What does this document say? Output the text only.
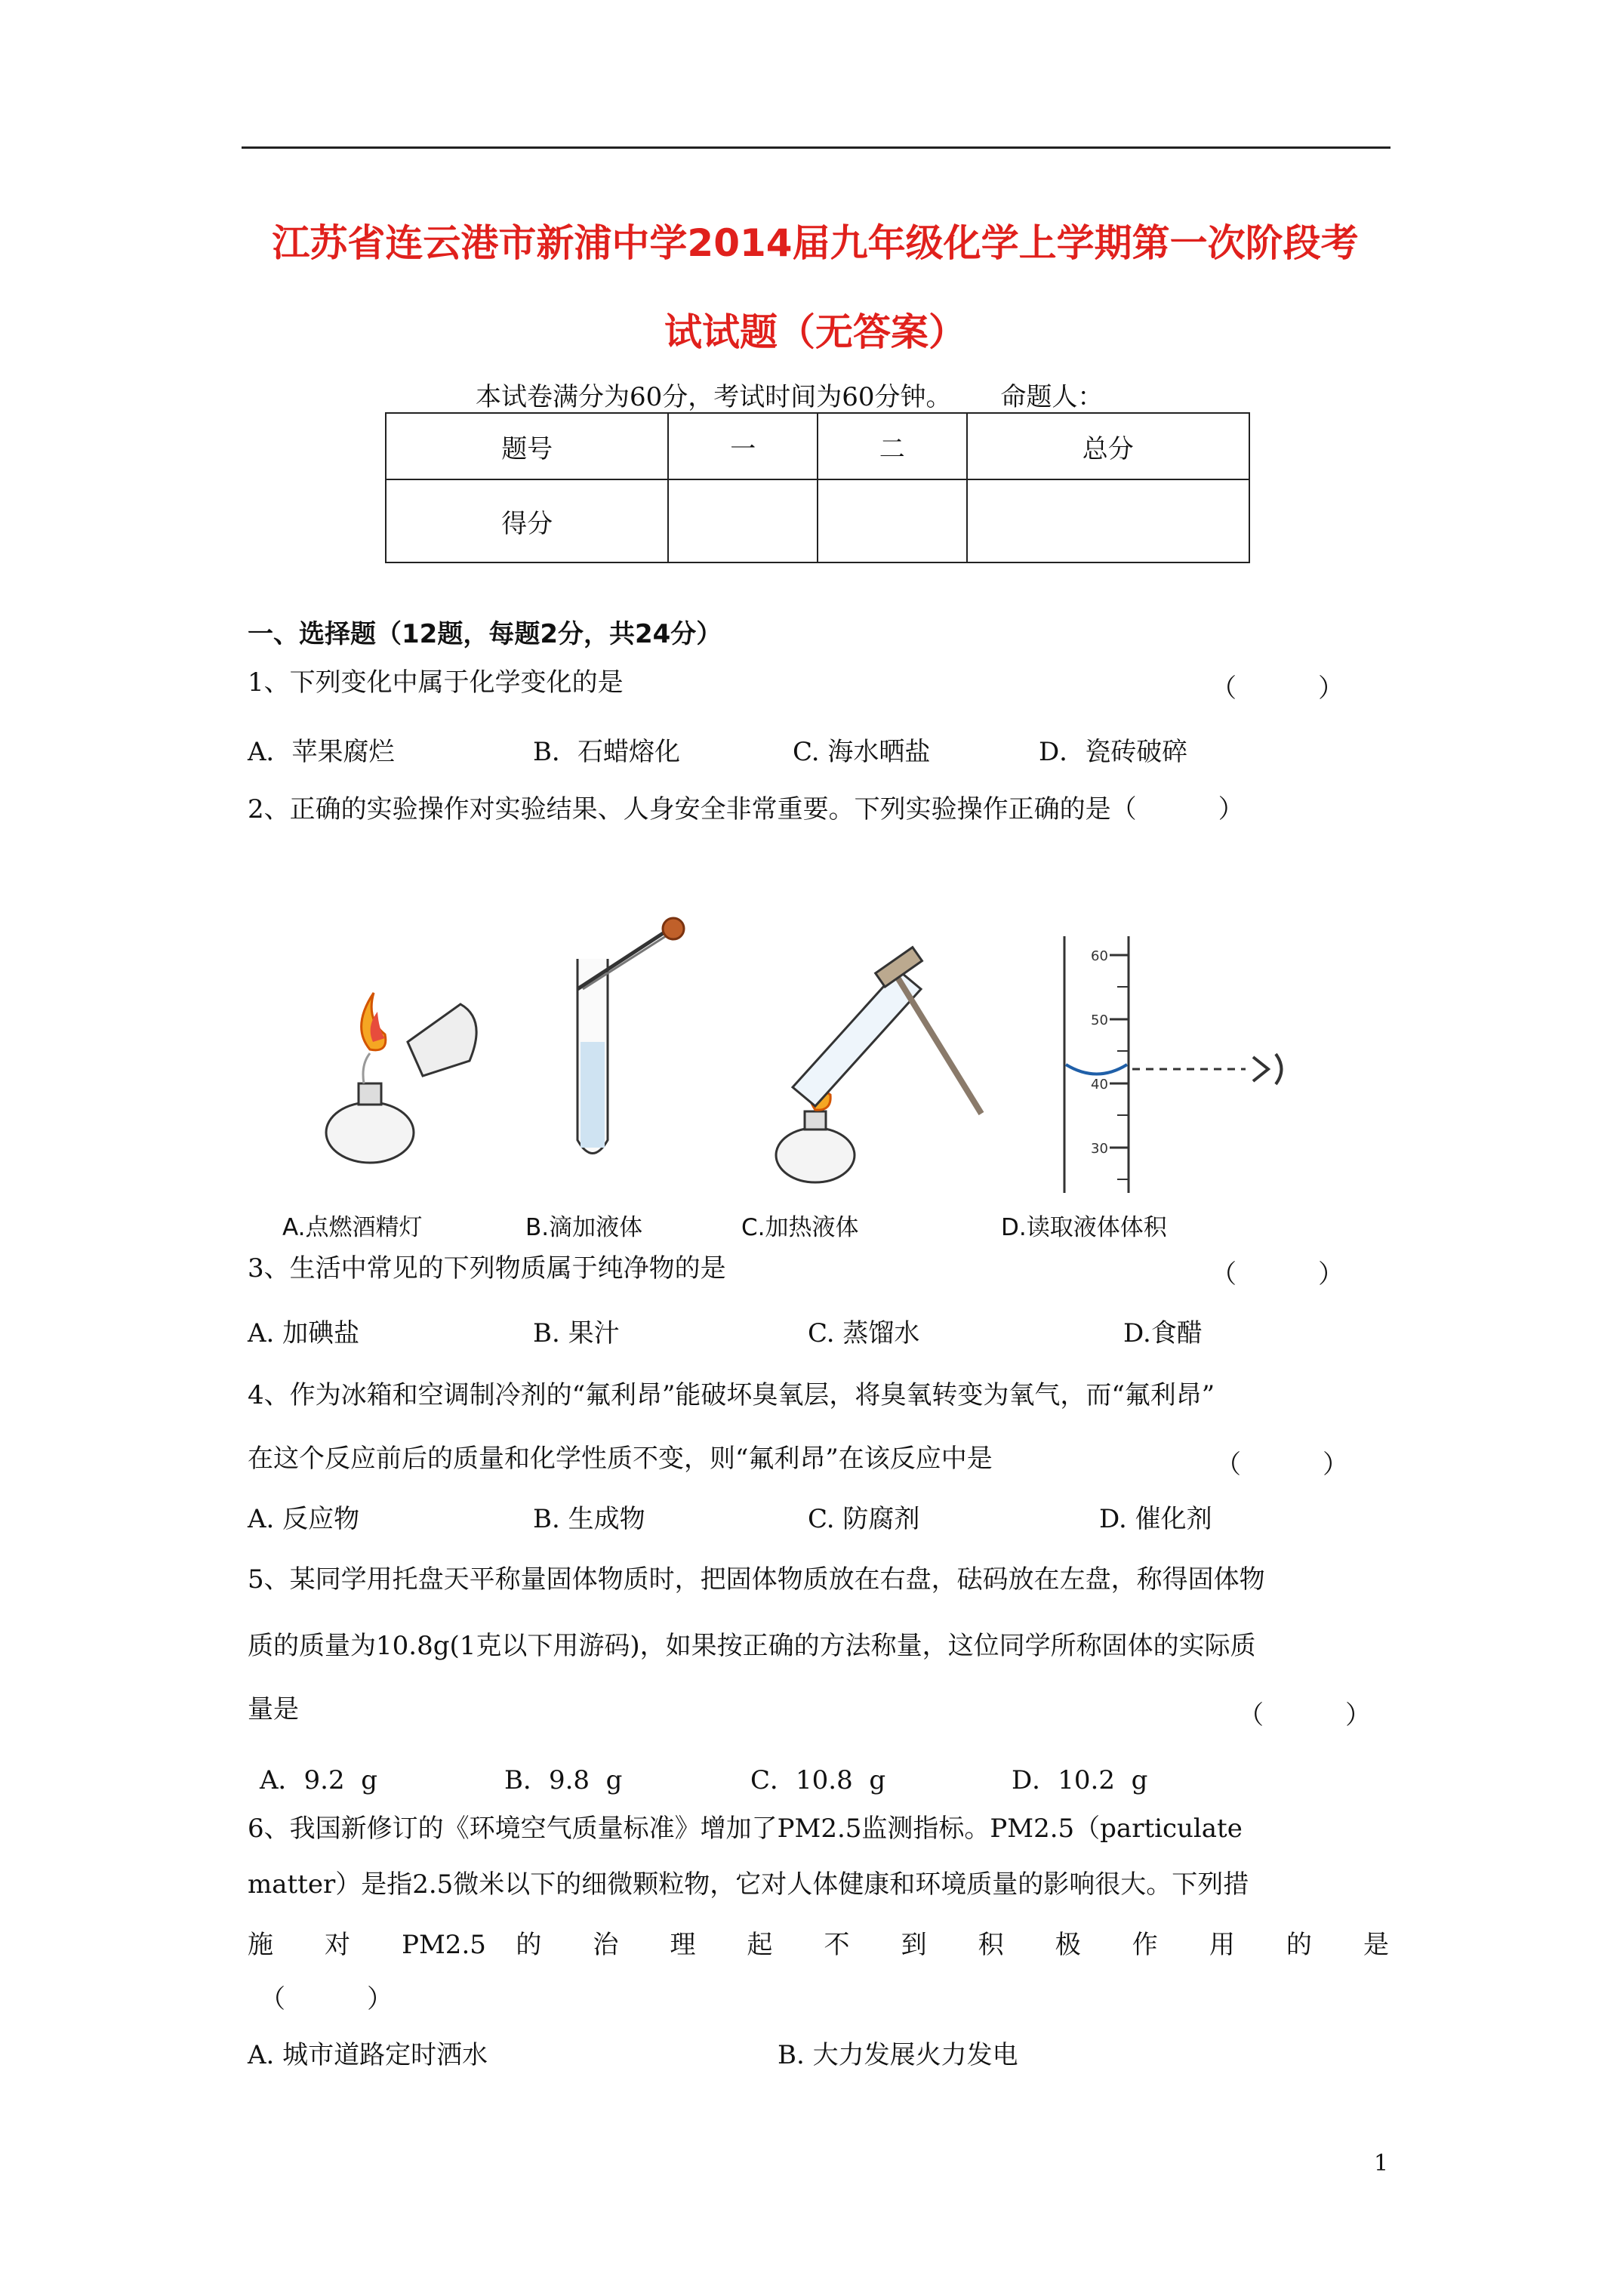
江苏省连云港市新浦中学2014届九年级化学上学期第一次阶段考
试试题（无答案）
本试卷满分为60分，考试时间为60分钟。      命题人：
题号	一	二	总分
得分			
一、选择题（12题，每题2分，共24分）
1、下列变化中属于化学变化的是	（          ）
A．苹果腐烂	B．石蜡熔化	C. 海水晒盐	D．瓷砖破碎
2、正确的实验操作对实验结果、人身安全非常重要。下列实验操作正确的是（          ）
60
50
40
30
A.点燃酒精灯	B.滴加液体	C.加热液体	D.读取液体体积
3、生活中常见的下列物质属于纯净物的是	（          ）
A. 加碘盐	B. 果汁	C. 蒸馏水	D.食醋
4、作为冰箱和空调制冷剂的“氟利昂”能破坏臭氧层，将臭氧转变为氧气，而“氟利昂”
在这个反应前后的质量和化学性质不变，则“氟利昂”在该反应中是	（          ）
A. 反应物	B. 生成物	C. 防腐剂	D. 催化剂
5、某同学用托盘天平称量固体物质时，把固体物质放在右盘，砝码放在左盘，称得固体物
质的质量为10.8g(1克以下用游码)，如果按正确的方法称量，这位同学所称固体的实际质
量是	（          ）
A．9.2  g	B．9.8  g	C．10.8  g	D．10.2  g
6、我国新修订的《环境空气质量标准》增加了PM2.5监测指标。PM2.5（particulate
matter）是指2.5微米以下的细微颗粒物，它对人体健康和环境质量的影响很大。下列措
施 对 PM2.5 的 治 理 起 不 到 积 极 作 用 的 是
（          ）
A. 城市道路定时洒水	B. 大力发展火力发电
1
